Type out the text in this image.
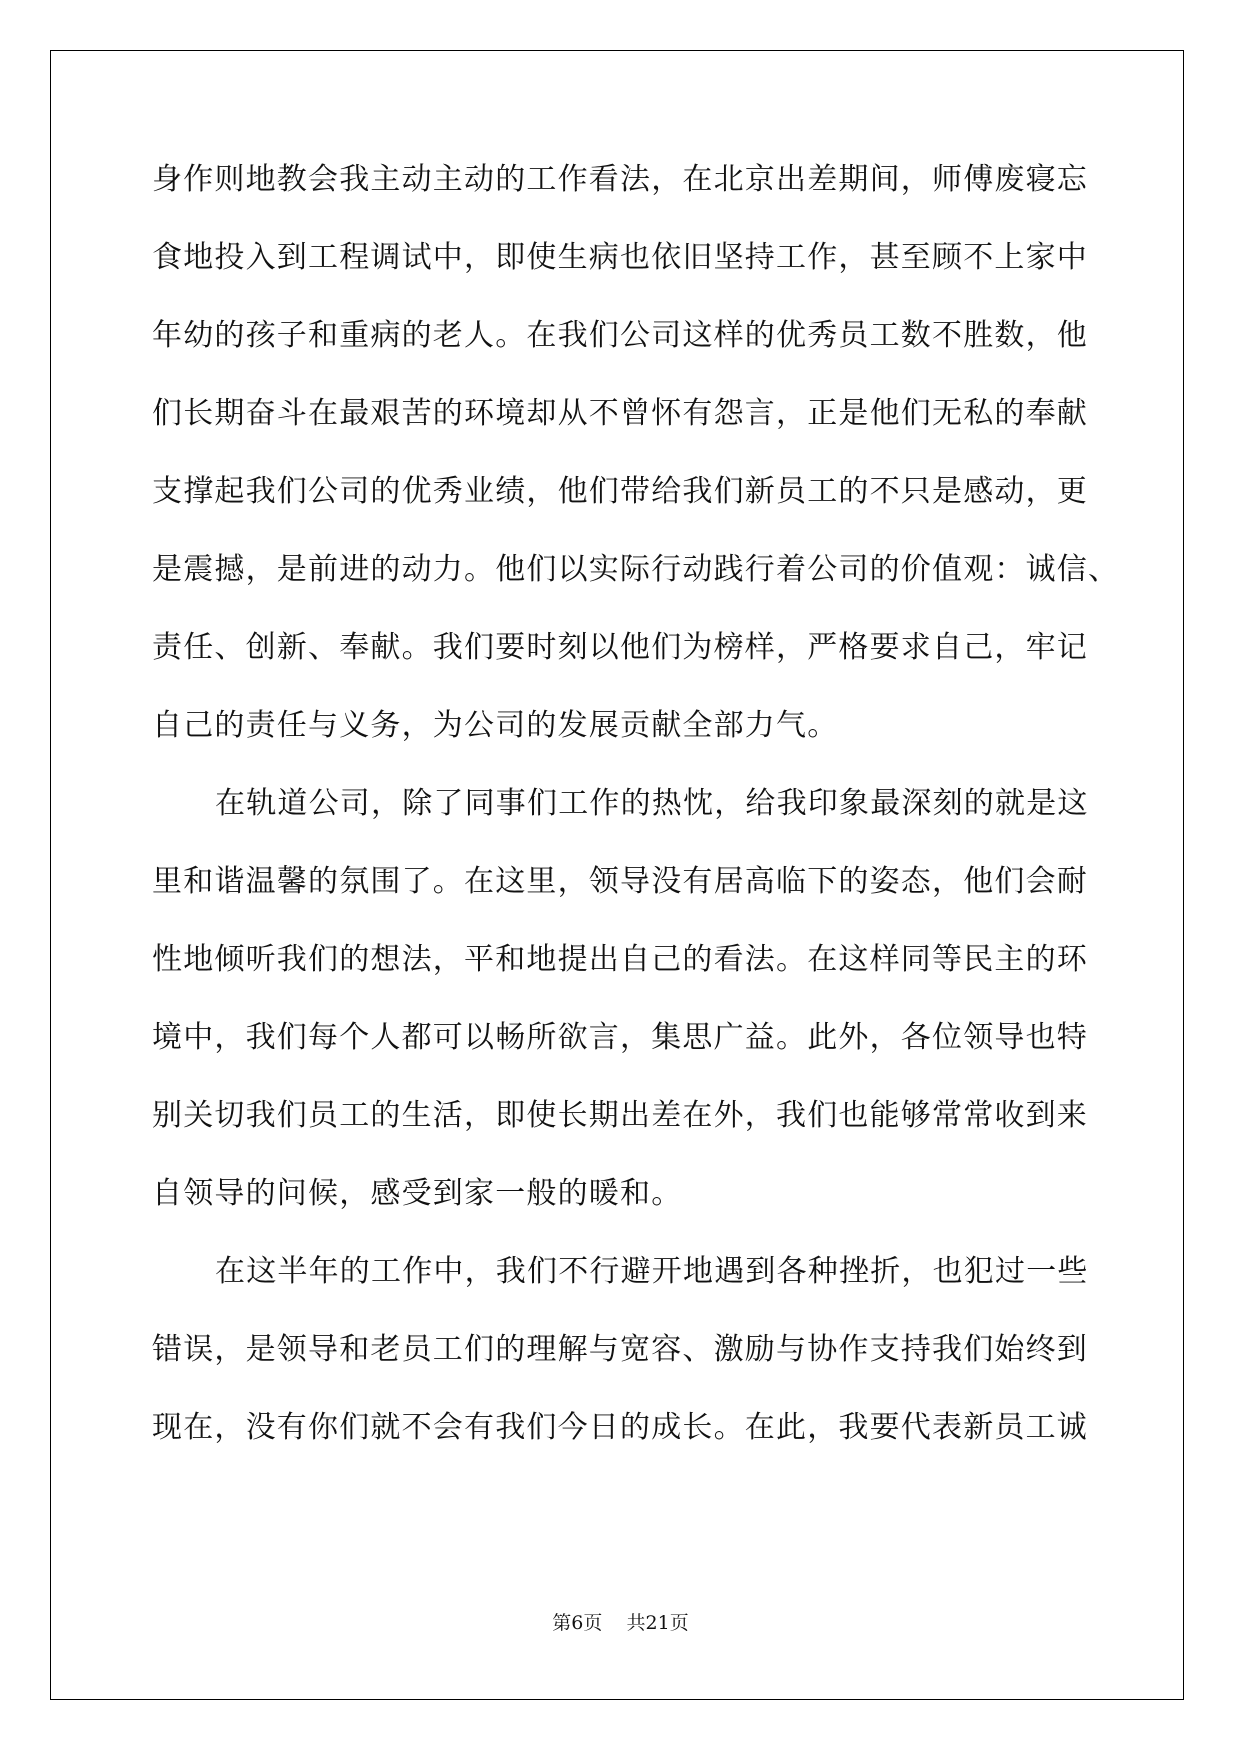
身作则地教会我主动主动的工作看法，在北京出差期间，师傅废寝忘
食地投入到工程调试中，即使生病也依旧坚持工作，甚至顾不上家中
年幼的孩子和重病的老人。在我们公司这样的优秀员工数不胜数，他
们长期奋斗在最艰苦的环境却从不曾怀有怨言，正是他们无私的奉献
支撑起我们公司的优秀业绩，他们带给我们新员工的不只是感动，更
是震撼，是前进的动力。他们以实际行动践行着公司的价值观：诚信、
责任、创新、奉献。我们要时刻以他们为榜样，严格要求自己，牢记
自己的责任与义务，为公司的发展贡献全部力气。
在轨道公司，除了同事们工作的热忱，给我印象最深刻的就是这
里和谐温馨的氛围了。在这里，领导没有居高临下的姿态，他们会耐
性地倾听我们的想法，平和地提出自己的看法。在这样同等民主的环
境中，我们每个人都可以畅所欲言，集思广益。此外，各位领导也特
别关切我们员工的生活，即使长期出差在外，我们也能够常常收到来
自领导的问候，感受到家一般的暖和。
在这半年的工作中，我们不行避开地遇到各种挫折，也犯过一些
错误，是领导和老员工们的理解与宽容、激励与协作支持我们始终到
现在，没有你们就不会有我们今日的成长。在此，我要代表新员工诚
第6页    共21页
